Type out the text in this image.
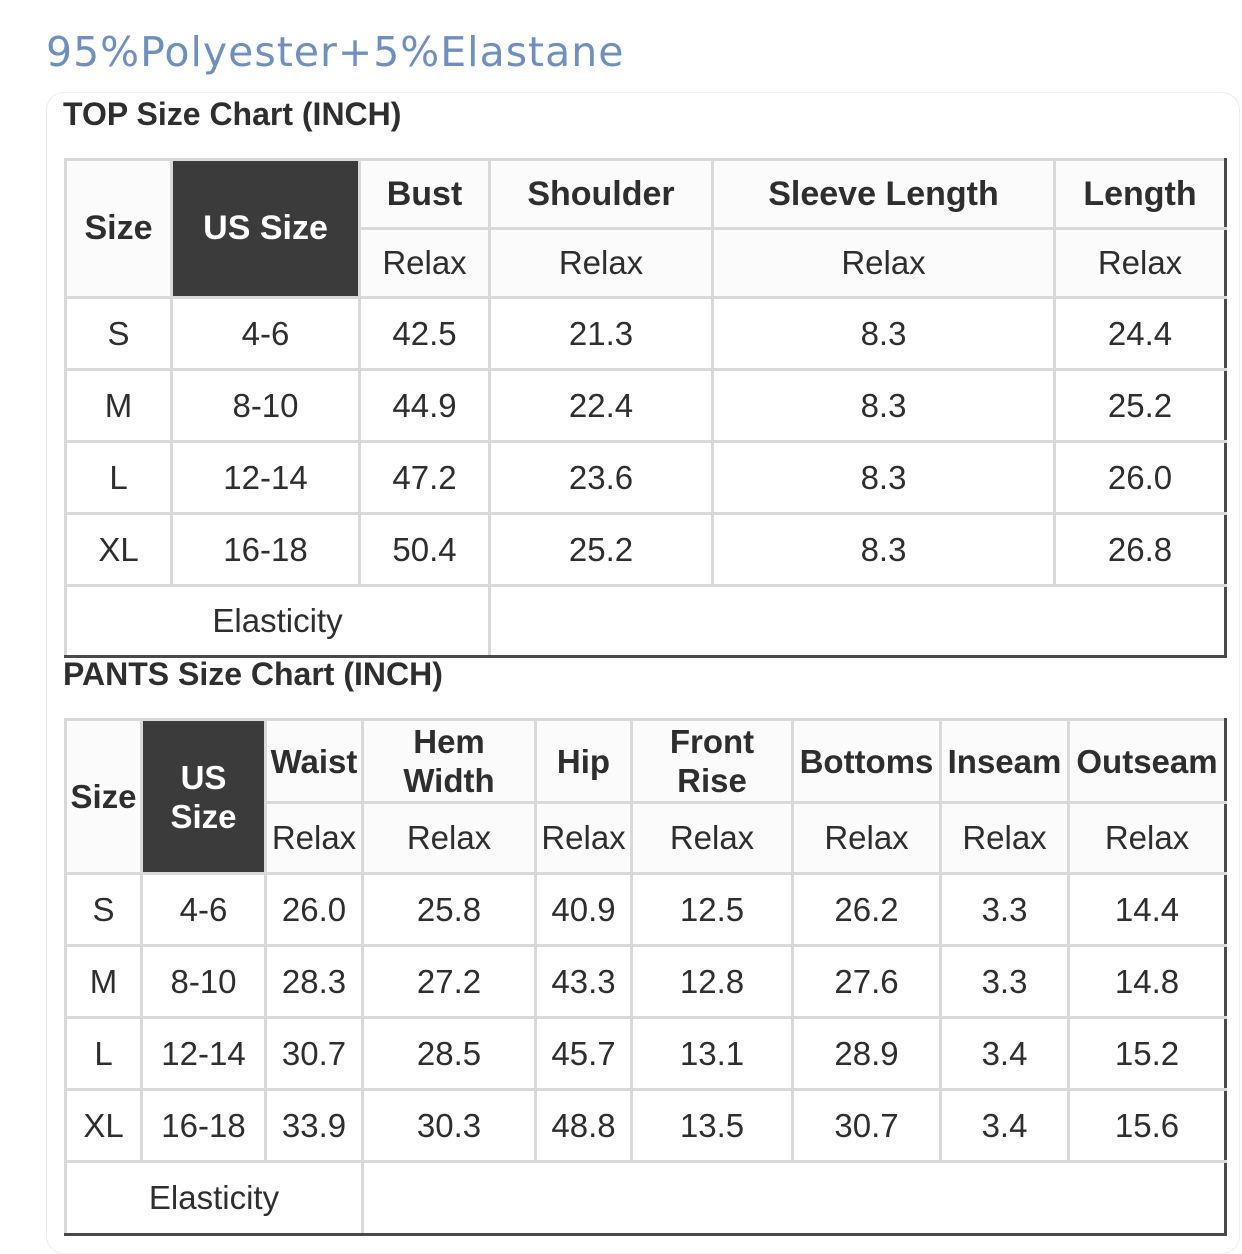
95%Polyester+5%Elastane

TOP Size Chart (INCH)
Size	US Size	Bust	Shoulder	Sleeve Length	Length
		Relax	Relax	Relax	Relax
S	4-6	42.5	21.3	8.3	24.4
M	8-10	44.9	22.4	8.3	25.2
L	12-14	47.2	23.6	8.3	26.0
XL	16-18	50.4	25.2	8.3	26.8
Elasticity					
PANTS Size Chart (INCH)
Size	US Size	Waist	Hem Width	Hip	Front Rise	Bottoms	Inseam	Outseam
		Relax	Relax	Relax	Relax	Relax	Relax	Relax
S	4-6	26.0	25.8	40.9	12.5	26.2	3.3	14.4
M	8-10	28.3	27.2	43.3	12.8	27.6	3.3	14.8
L	12-14	30.7	28.5	45.7	13.1	28.9	3.4	15.2
XL	16-18	33.9	30.3	48.8	13.5	30.7	3.4	15.6
Elasticity								
